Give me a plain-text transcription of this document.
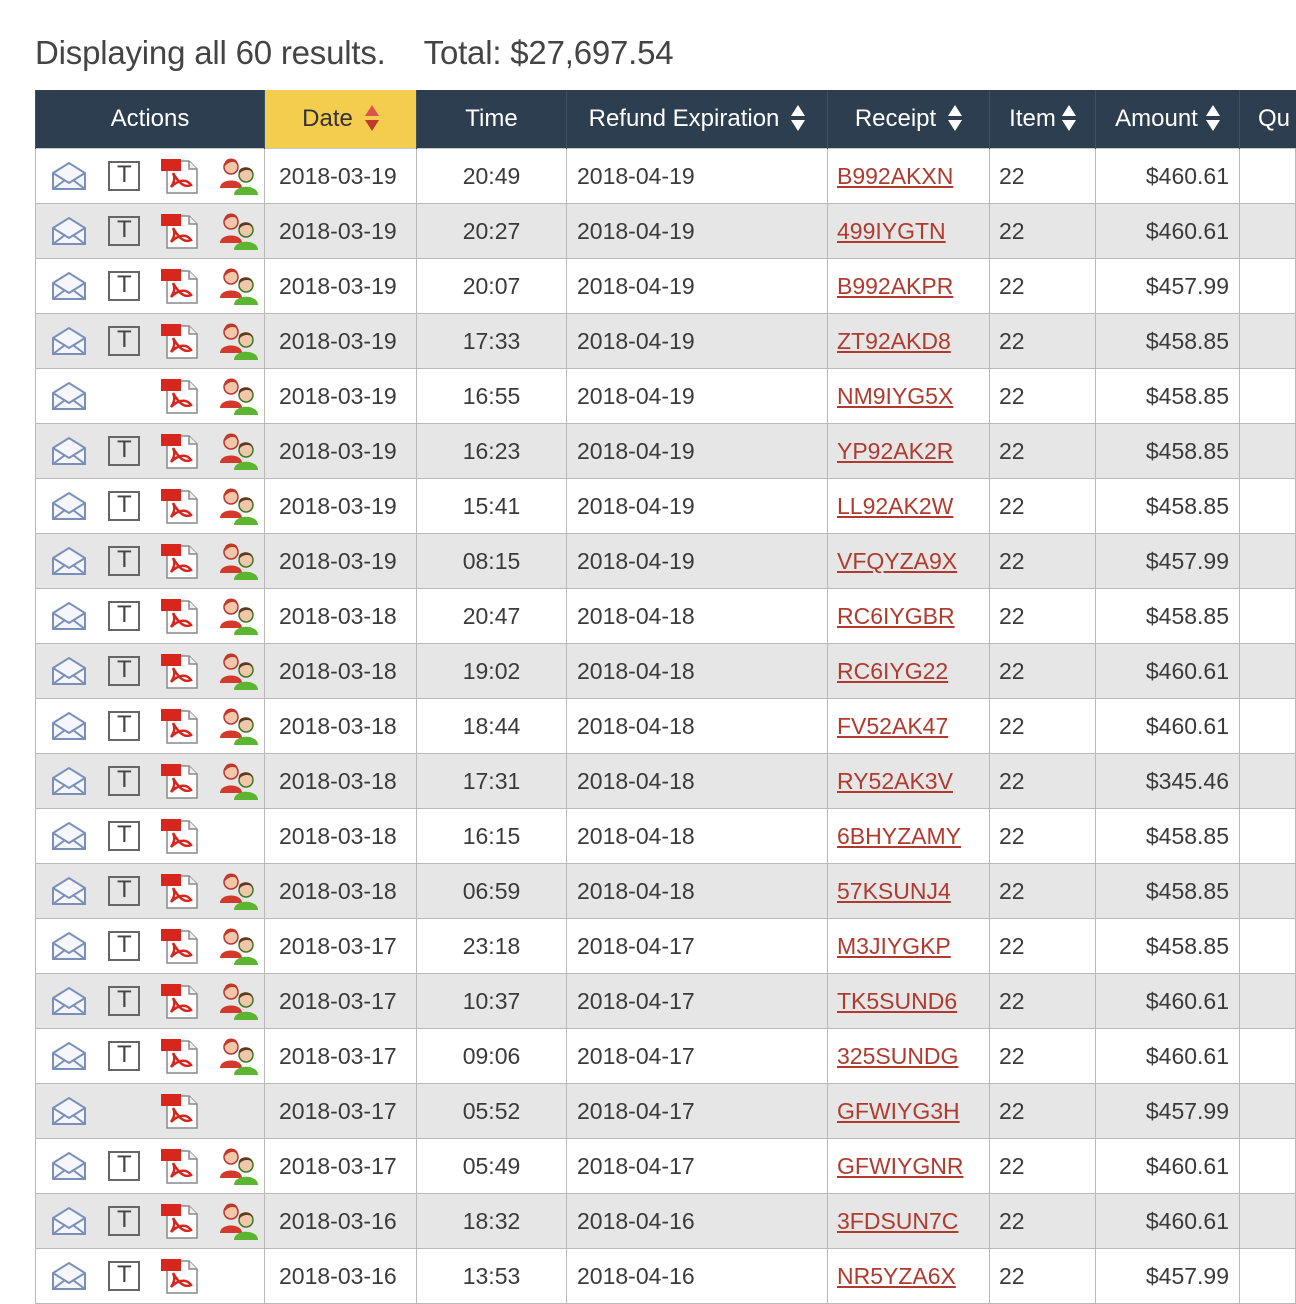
Displaying all 60 results. Total: $27,697.54
Actions	Date	Time	Refund Expiration	Receipt	Item	Amount	Qu

T	2018-03-19	20:49	2018-04-19	B992AKXN	22	$460.61	

T	2018-03-19	20:27	2018-04-19	499IYGTN	22	$460.61	

T	2018-03-19	20:07	2018-04-19	B992AKPR	22	$457.99	

T	2018-03-19	17:33	2018-04-19	ZT92AKD8	22	$458.85	

	2018-03-19	16:55	2018-04-19	NM9IYG5X	22	$458.85	

T	2018-03-19	16:23	2018-04-19	YP92AK2R	22	$458.85	

T	2018-03-19	15:41	2018-04-19	LL92AK2W	22	$458.85	

T	2018-03-19	08:15	2018-04-19	VFQYZA9X	22	$457.99	

T	2018-03-18	20:47	2018-04-18	RC6IYGBR	22	$458.85	

T	2018-03-18	19:02	2018-04-18	RC6IYG22	22	$460.61	

T	2018-03-18	18:44	2018-04-18	FV52AK47	22	$460.61	

T	2018-03-18	17:31	2018-04-18	RY52AK3V	22	$345.46	

T	2018-03-18	16:15	2018-04-18	6BHYZAMY	22	$458.85	

T	2018-03-18	06:59	2018-04-18	57KSUNJ4	22	$458.85	

T	2018-03-17	23:18	2018-04-17	M3JIYGKP	22	$458.85	

T	2018-03-17	10:37	2018-04-17	TK5SUND6	22	$460.61	

T	2018-03-17	09:06	2018-04-17	325SUNDG	22	$460.61	

	2018-03-17	05:52	2018-04-17	GFWIYG3H	22	$457.99	

T	2018-03-17	05:49	2018-04-17	GFWIYGNR	22	$460.61	

T	2018-03-16	18:32	2018-04-16	3FDSUN7C	22	$460.61	

T	2018-03-16	13:53	2018-04-16	NR5YZA6X	22	$457.99	
